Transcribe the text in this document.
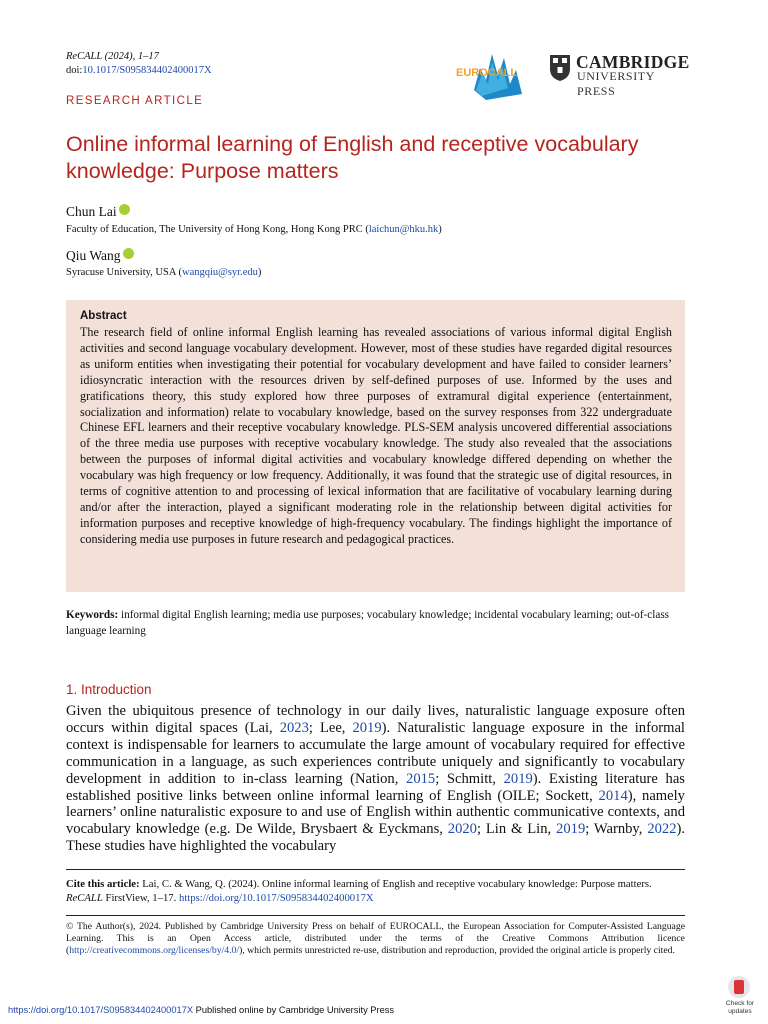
ReCALL (2024), 1–17
doi:10.1017/S095834402400017X	EUROCALL
CAMBRIDGE
UNIVERSITY PRESS
RESEARCH ARTICLE
Online informal learning of English and receptive vocabulary knowledge: Purpose matters
Chun Lai
Faculty of Education, The University of Hong Kong, Hong Kong PRC (laichun@hku.hk)
Qiu Wang
Syracuse University, USA (wangqiu@syr.edu)
Abstract
The research field of online informal English learning has revealed associations of various informal digital English activities and second language vocabulary development. However, most of these studies have regarded digital resources as uniform entities when investigating their potential for vocabulary development and have failed to consider learners’ idiosyncratic interaction with the resources driven by self-defined purposes of use. Informed by the uses and gratifications theory, this study explored how three purposes of extramural digital experience (entertainment, socialization and information) relate to vocabulary knowledge, based on the survey responses from 322 undergraduate Chinese EFL learners and their receptive vocabulary knowledge. PLS-SEM analysis uncovered differential associations of the three media use purposes with receptive vocabulary knowledge. The study also revealed that the associations between the purposes of informal digital activities and vocabulary knowledge differed depending on whether the vocabulary was high frequency or low frequency. Additionally, it was found that the strategic use of digital resources, in terms of cognitive attention to and processing of lexical information that are facilitative of vocabulary learning during and/or after the interaction, played a significant moderating role in the relationship between digital activities for information purposes and receptive knowledge of high-frequency vocabulary. The findings highlight the importance of considering media use purposes in future research and pedagogical practices.
Keywords: informal digital English learning; media use purposes; vocabulary knowledge; incidental vocabulary learning; out-of-class language learning
1. Introduction
Given the ubiquitous presence of technology in our daily lives, naturalistic language exposure often occurs within digital spaces (Lai, 2023; Lee, 2019). Naturalistic language exposure in the informal context is indispensable for learners to accumulate the large amount of vocabulary required for effective communication in a language, as such experiences contribute uniquely and significantly to vocabulary development in addition to in-class learning (Nation, 2015; Schmitt, 2019). Existing literature has established positive links between online informal learning of English (OILE; Sockett, 2014), namely learners’ online naturalistic exposure to and use of English within authentic communicative contexts, and vocabulary knowledge (e.g. De Wilde, Brysbaert & Eyckmans, 2020; Lin & Lin, 2019; Warnby, 2022). These studies have highlighted the vocabulary
Cite this article: Lai, C. & Wang, Q. (2024). Online informal learning of English and receptive vocabulary knowledge: Purpose matters. ReCALL FirstView, 1–17. https://doi.org/10.1017/S095834402400017X
© The Author(s), 2024. Published by Cambridge University Press on behalf of EUROCALL, the European Association for Computer-Assisted Language Learning. This is an Open Access article, distributed under the terms of the Creative Commons Attribution licence (http://creativecommons.org/licenses/by/4.0/), which permits unrestricted re-use, distribution and reproduction, provided the original article is properly cited.
https://doi.org/10.1017/S095834402400017X Published online by Cambridge University Press
Check for
updates
